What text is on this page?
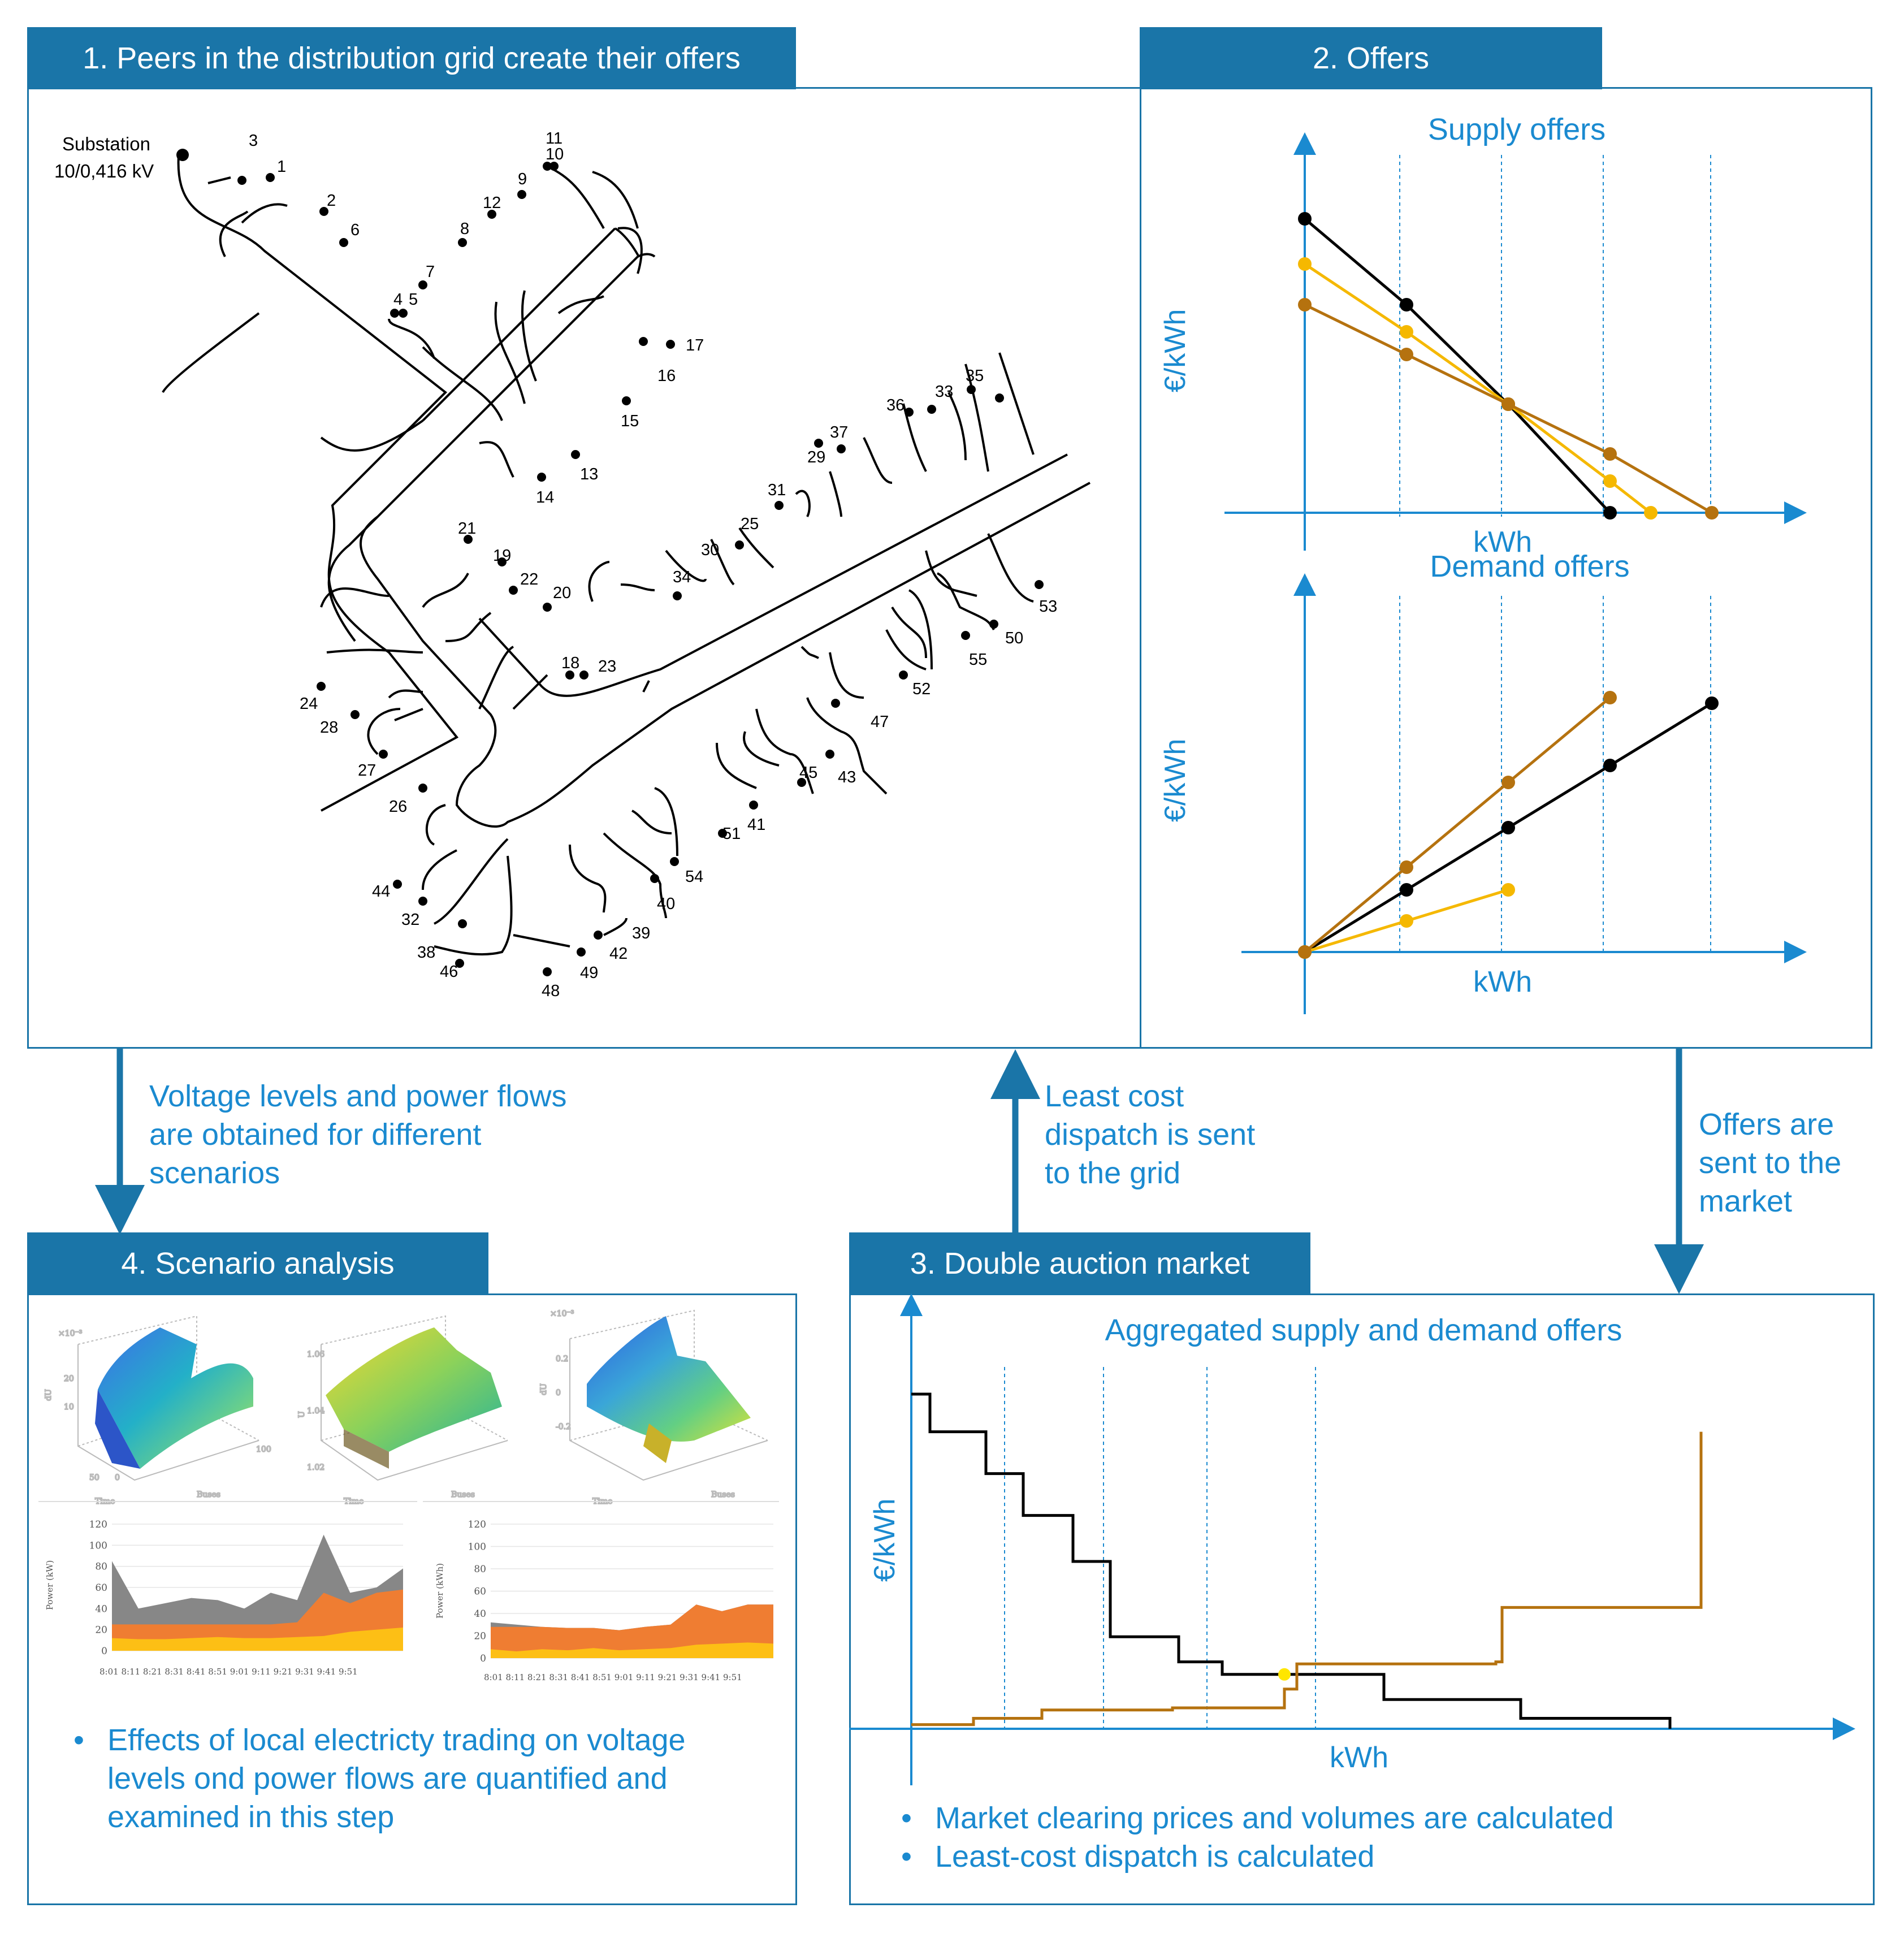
1. Peers in the distribution grid create their offers
Substation
10/0,416 kV	1
2
3
4 5
6
7
8
9
10
11
12
13
14
15
16
17
18
19
20
21
22
23
24
25
26
27
28
29
30
31
32
33
34
35
36
37
38
39
40
41
42
43
44
45
46
47
48
49
50
51
52
53
54
55
2. Offers
Supply offers
€/kWh
kWh
Demand offers
€/kWh
kWh
Voltage levels and power flows
are obtained for different
scenarios
Least cost
dispatch is sent
to the grid
Offers are
sent to the
market
3. Double auction market
Aggregated supply and demand offers
€/kWh
kWh
• Market clearing prices and volumes are calculated
• Least-cost dispatch is calculated
4. Scenario analysis
×10⁻³
20
10
dU
50 0
100
Time
Buses
1.06
1.04
1.02
U
Time
Buses
×10⁻³
0.2
0
-0.2
dU
Time
Buses
120
100
80
60
40
20
0
Power (kW)
8:01 8:11 8:21 8:31 8:41 8:51 9:01 9:11 9:21 9:31 9:41 9:51
120
100
80
60
40
20
0
Power (kWh)
8:01 8:11 8:21 8:31 8:41 8:51 9:01 9:11 9:21 9:31 9:41 9:51
• Effects of local electricty trading on voltage
levels ond power flows are quantified and
examined in this step
